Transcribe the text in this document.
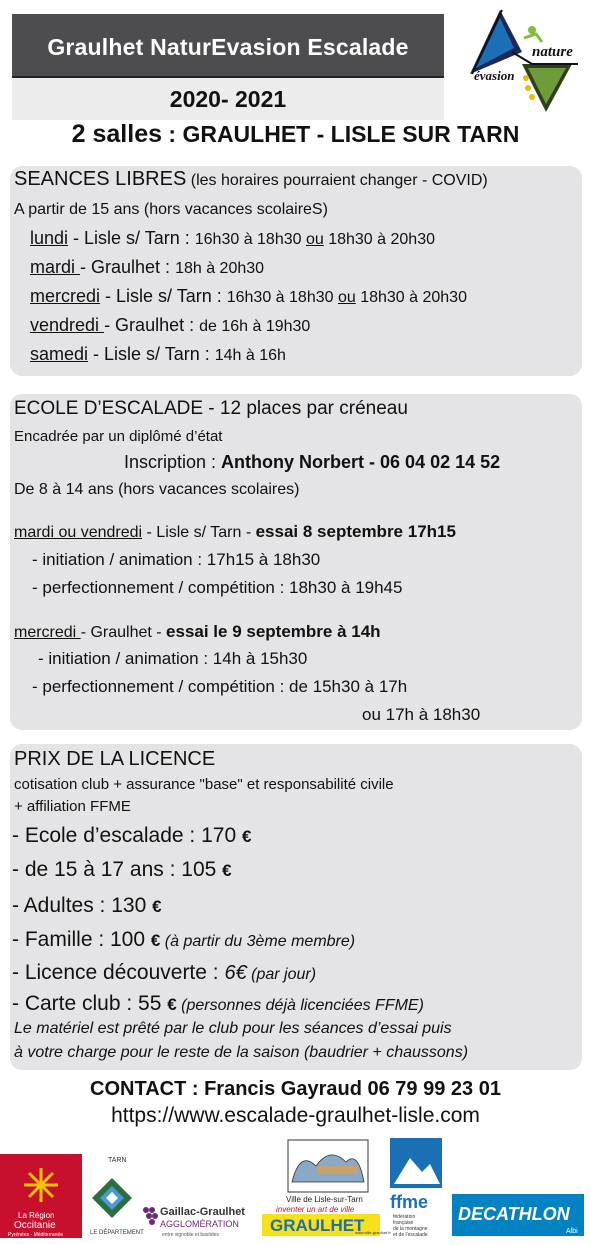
Graulhet NaturEvasion Escalade
2020- 2021
nature
évasion
2 salles : GRAULHET - LISLE SUR TARN
SEANCES LIBRES (les horaires pourraient changer - COVID)
A partir de 15 ans (hors vacances scolaireS)
lundi - Lisle s/ Tarn : 16h30 à 18h30 ou 18h30 à 20h30
mardi - Graulhet : 18h à 20h30
mercredi - Lisle s/ Tarn : 16h30 à 18h30 ou 18h30 à 20h30
vendredi - Graulhet : de 16h à 19h30
samedi - Lisle s/ Tarn : 14h à 16h
ECOLE D’ESCALADE - 12 places par créneau
Encadrée par un diplômé d’état
Inscription : Anthony Norbert - 06 04 02 14 52
De 8 à 14 ans (hors vacances scolaires)
mardi ou vendredi - Lisle s/ Tarn - essai 8 septembre 17h15
- initiation / animation : 17h15 à 18h30
- perfectionnement / compétition : 18h30 à 19h45
mercredi - Graulhet - essai le 9 septembre à 14h
- initiation / animation : 14h à 15h30
- perfectionnement / compétition : de 15h30 à 17h
ou 17h à 18h30
PRIX DE LA LICENCE
cotisation club + assurance "base" et responsabilité civile
+ affiliation FFME
- Ecole d’escalade : 170 €
- de 15 à 17 ans : 105 €
- Adultes : 130 €
- Famille : 100 € (à partir du 3ème membre)
- Licence découverte : 6€ (par jour)
- Carte club : 55 € (personnes déjà licenciées FFME)
Le matériel est prêté par le club pour les séances d’essai puis
à votre charge pour le reste de la saison (baudrier + chaussons)
CONTACT : Francis Gayraud 06 79 99 23 01
https://www.escalade-graulhet-lisle.com
La Région
Occitanie
Pyrénées · Méditerranée
TARN
LE DÉPARTEMENT
Gaillac-Graulhet
AGGLOMÉRATION
entre vignoble et bastides
Ville de Lisle-sur-Tarn
inventer un art de ville
GRAULHET
www.ville-graulhet.fr
ffme
fédération
française
de la montagne
et de l'escalade
DECATHLON
Albi
